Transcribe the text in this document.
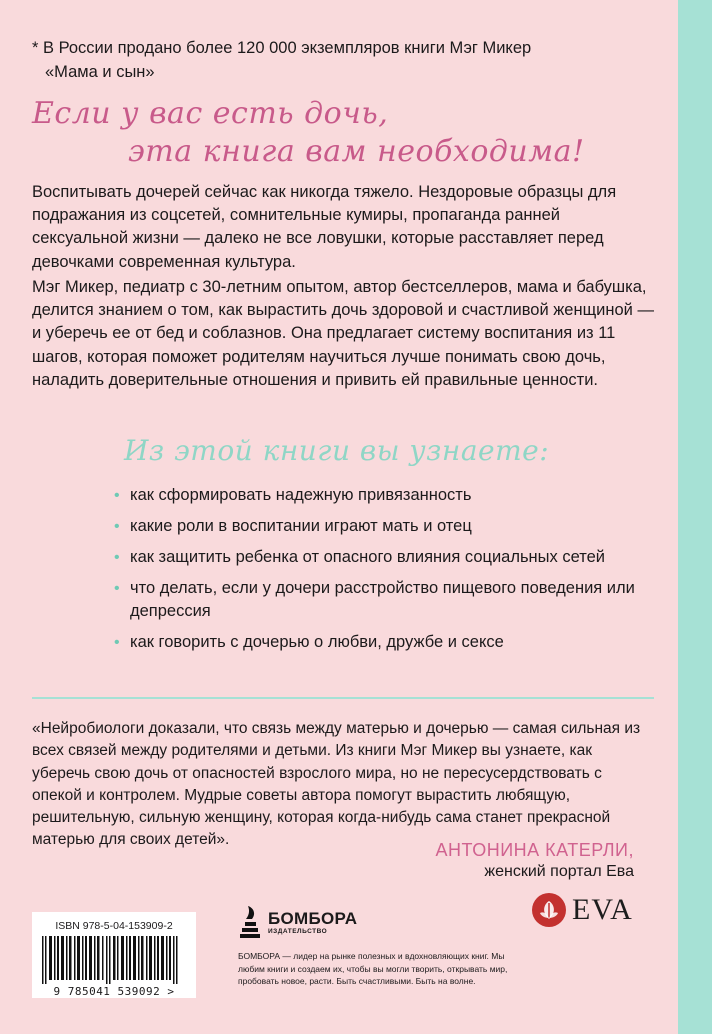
* В России продано более 120 000 экземпляров книги Мэг Микер
«Мама и сын»
Если у вас есть дочь,
эта книга вам необходима!

Воспитывать дочерей сейчас как никогда тяжело. Нездоровые образцы для подражания из соцсетей, сомнительные кумиры, пропаганда ранней сексуальной жизни — далеко не все ловушки, которые расставляет перед девочками современная культура.

Мэг Микер, педиатр с 30-летним опытом, автор бестселлеров, мама и бабушка, делится знанием о том, как вырастить дочь здоровой и счастливой женщиной — и уберечь ее от бед и соблазнов. Она предлагает систему воспитания из 11 шагов, которая поможет родителям научиться лучше понимать свою дочь, наладить доверительные отношения и привить ей правильные ценности.

Из этой книги вы узнаете:
• как сформировать надежную привязанность
• какие роли в воспитании играют мать и отец
• как защитить ребенка от опасного влияния социальных сетей
• что делать, если у дочери расстройство пищевого поведения или депрессия
• как говорить с дочерью о любви, дружбе и сексе

«Нейробиологи доказали, что связь между матерью и дочерью — самая сильная из всех связей между родителями и детьми. Из книги Мэг Микер вы узнаете, как уберечь свою дочь от опасностей взрослого мира, но не пересусердствовать с опекой и контролем. Мудрые советы автора помогут вырастить любящую, решительную, сильную женщину, которая когда-нибудь сама станет прекрасной матерью для своих детей».

АНТОНИНА КАТЕРЛИ,
женский портал Ева
EVA
ISBN 978-5-04-153909-2
9 785041 539092 >
БОМБОРА
ИЗДАТЕЛЬСТВО

БОМБОРА — лидер на рынке полезных и вдохновляющих книг. Мы любим книги и создаем их, чтобы вы могли творить, открывать мир, пробовать новое, расти. Быть счастливыми. Быть на волне.
